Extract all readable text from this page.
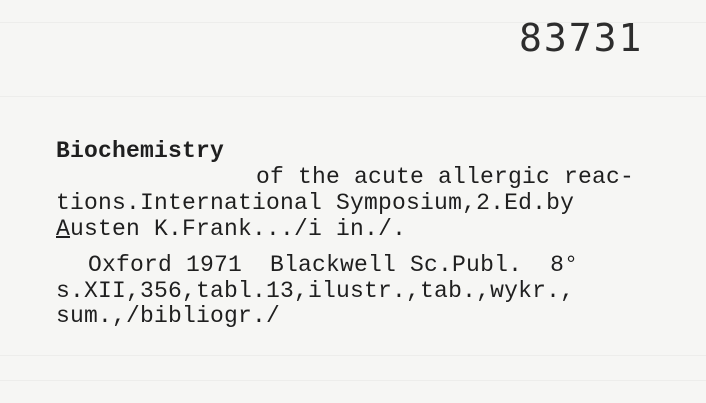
83731
Biochemistry
of the acute allergic reac-
tions.International Symposium,2.Ed.by
Austen K.Frank.../i in./.
Oxford 1971  Blackwell Sc.Publ.  8°
s.XII,356,tabl.13,ilustr.,tab.,wykr.,
sum.,/bibliogr./
